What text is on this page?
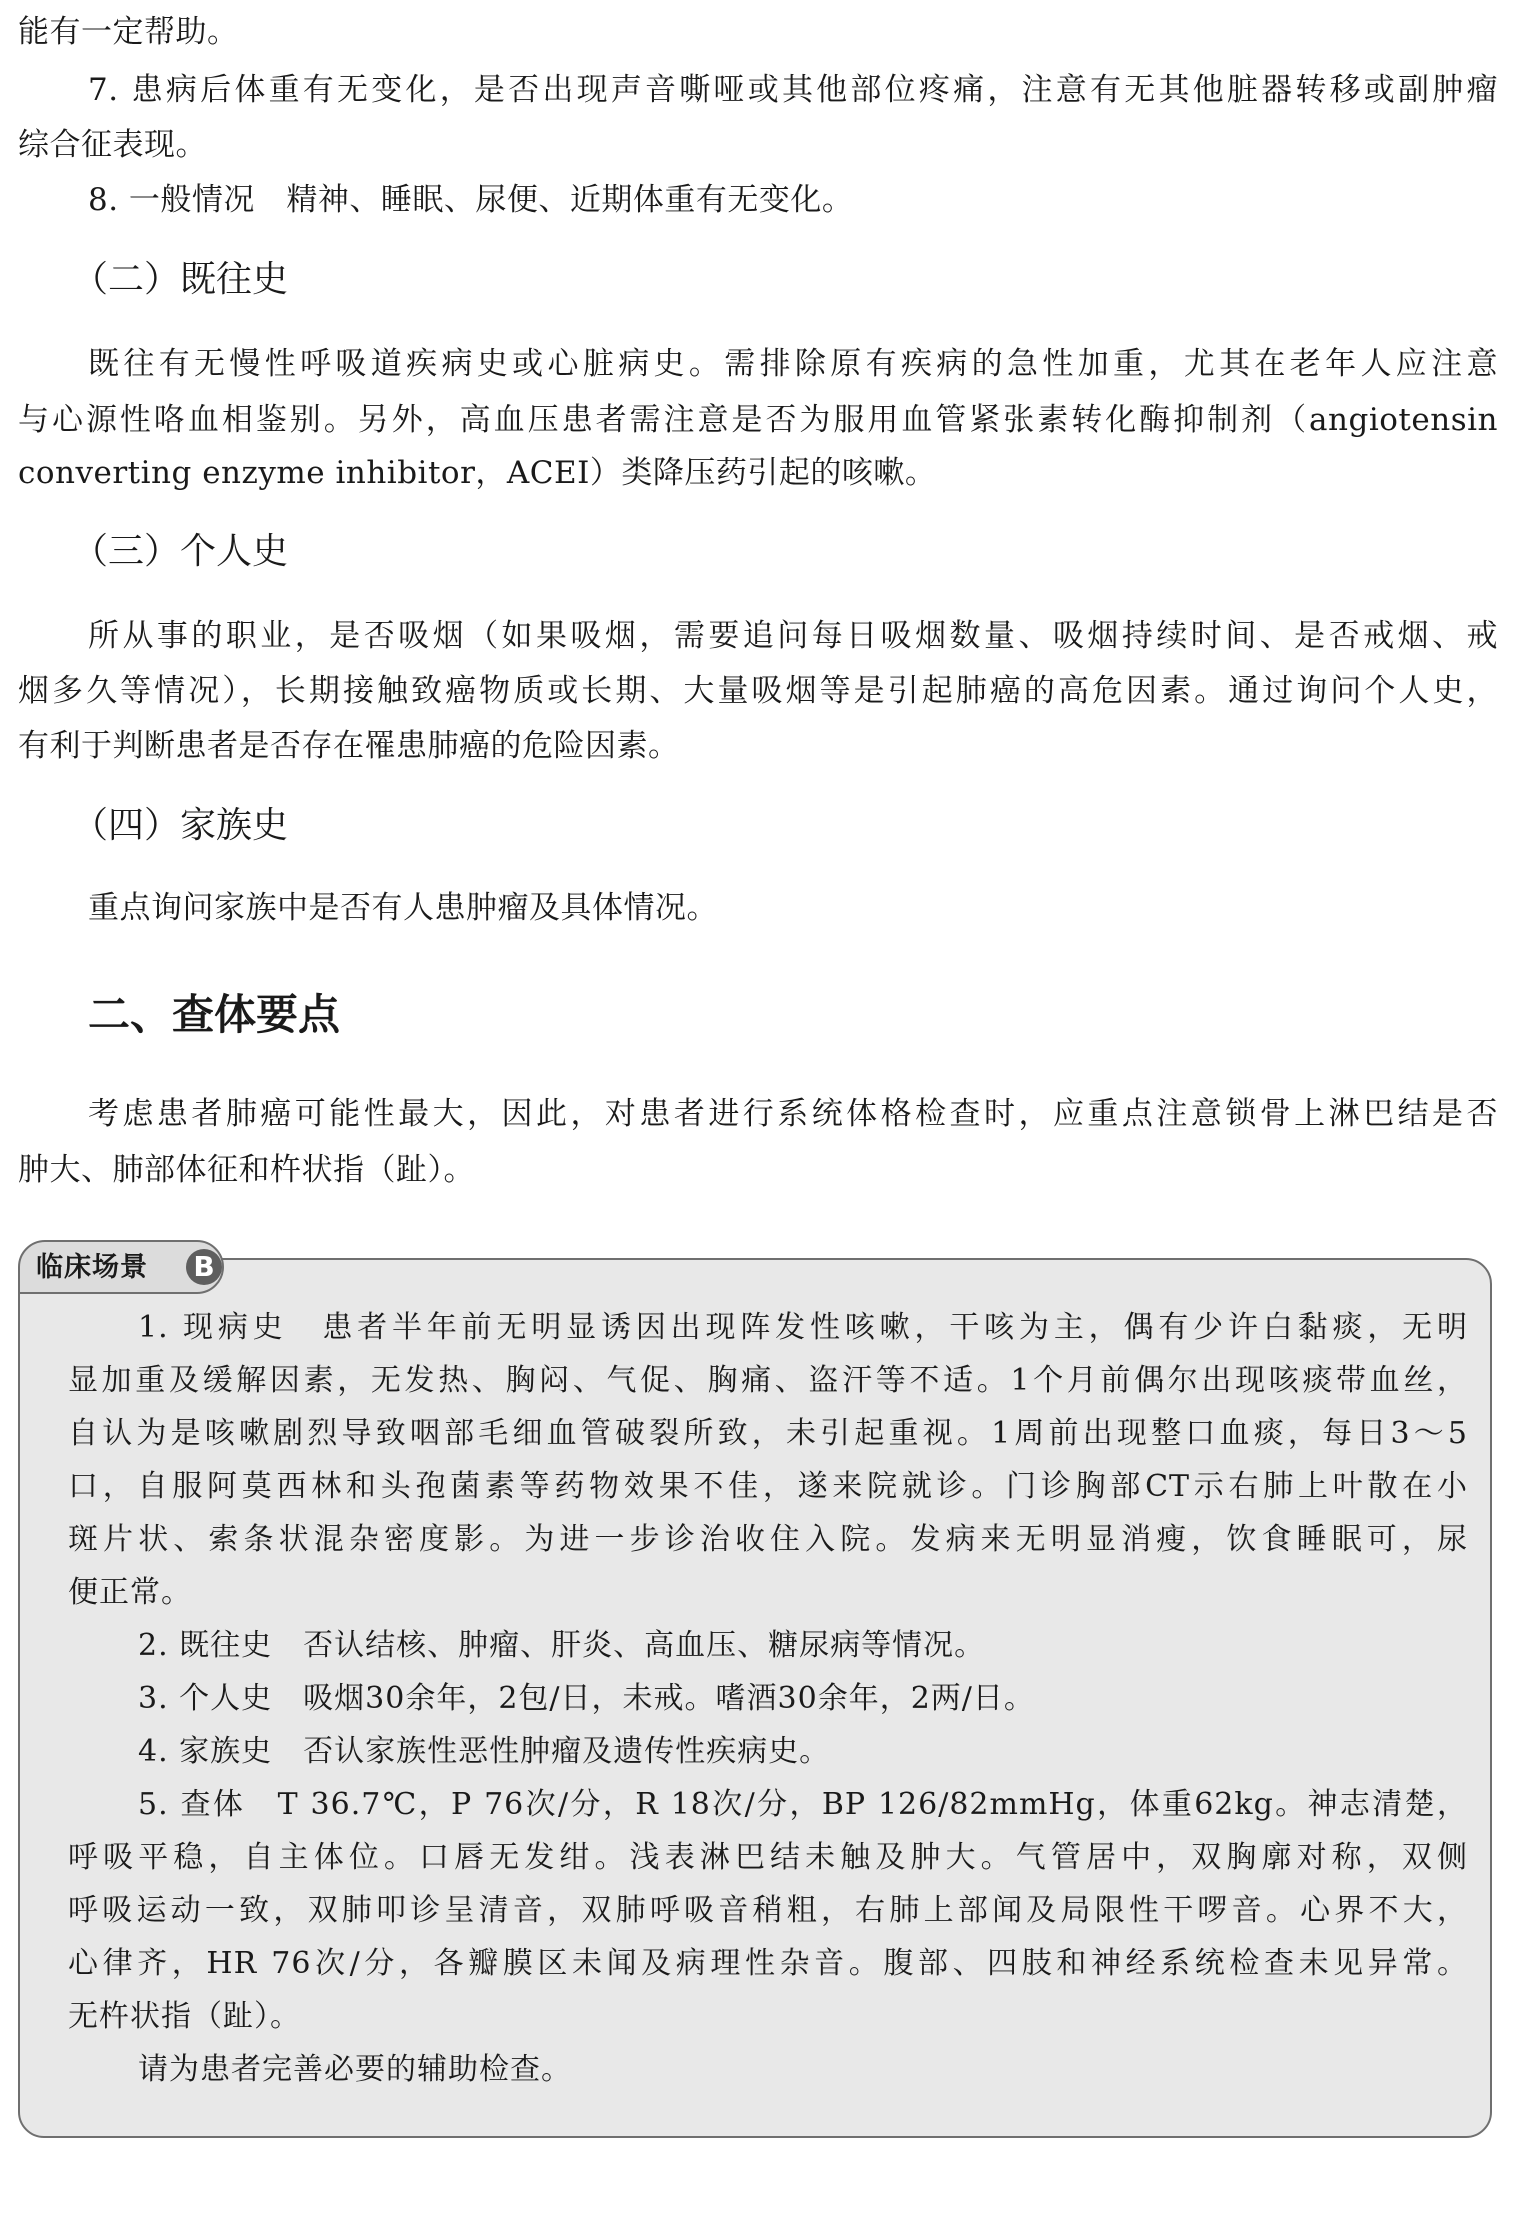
能有一定帮助。

7. 患病后体重有无变化，是否出现声音嘶哑或其他部位疼痛，注意有无其他脏器转移或副肿瘤

综合征表现。

8. 一般情况　精神、睡眠、尿便、近期体重有无变化。

（二）既往史

既往有无慢性呼吸道疾病史或心脏病史。需排除原有疾病的急性加重，尤其在老年人应注意

与心源性咯血相鉴别。另外，高血压患者需注意是否为服用血管紧张素转化酶抑制剂（angiotensin

converting enzyme inhibitor，ACEI）类降压药引起的咳嗽。

（三）个人史

所从事的职业，是否吸烟（如果吸烟，需要追问每日吸烟数量、吸烟持续时间、是否戒烟、戒

烟多久等情况），长期接触致癌物质或长期、大量吸烟等是引起肺癌的高危因素。通过询问个人史，

有利于判断患者是否存在罹患肺癌的危险因素。

（四）家族史

重点询问家族中是否有人患肿瘤及具体情况。

二、查体要点

考虑患者肺癌可能性最大，因此，对患者进行系统体格检查时，应重点注意锁骨上淋巴结是否

肿大、肺部体征和杵状指（趾）。

1. 现病史　患者半年前无明显诱因出现阵发性咳嗽，干咳为主，偶有少许白黏痰，无明

显加重及缓解因素，无发热、胸闷、气促、胸痛、盗汗等不适。1个月前偶尔出现咳痰带血丝，

自认为是咳嗽剧烈导致咽部毛细血管破裂所致，未引起重视。1周前出现整口血痰，每日3～5

口，自服阿莫西林和头孢菌素等药物效果不佳，遂来院就诊。门诊胸部CT示右肺上叶散在小

斑片状、索条状混杂密度影。为进一步诊治收住入院。发病来无明显消瘦，饮食睡眠可，尿

便正常。

2. 既往史　否认结核、肿瘤、肝炎、高血压、糖尿病等情况。

3. 个人史　吸烟30余年，2包/日，未戒。嗜酒30余年，2两/日。

4. 家族史　否认家族性恶性肿瘤及遗传性疾病史。

5. 查体　T 36.7℃，P 76次/分，R 18次/分，BP 126/82mmHg，体重62kg。神志清楚，

呼吸平稳，自主体位。口唇无发绀。浅表淋巴结未触及肿大。气管居中，双胸廓对称，双侧

呼吸运动一致，双肺叩诊呈清音，双肺呼吸音稍粗，右肺上部闻及局限性干啰音。心界不大，

心律齐，HR 76次/分，各瓣膜区未闻及病理性杂音。腹部、四肢和神经系统检查未见异常。

无杵状指（趾）。

请为患者完善必要的辅助检查。

临床场景 B
